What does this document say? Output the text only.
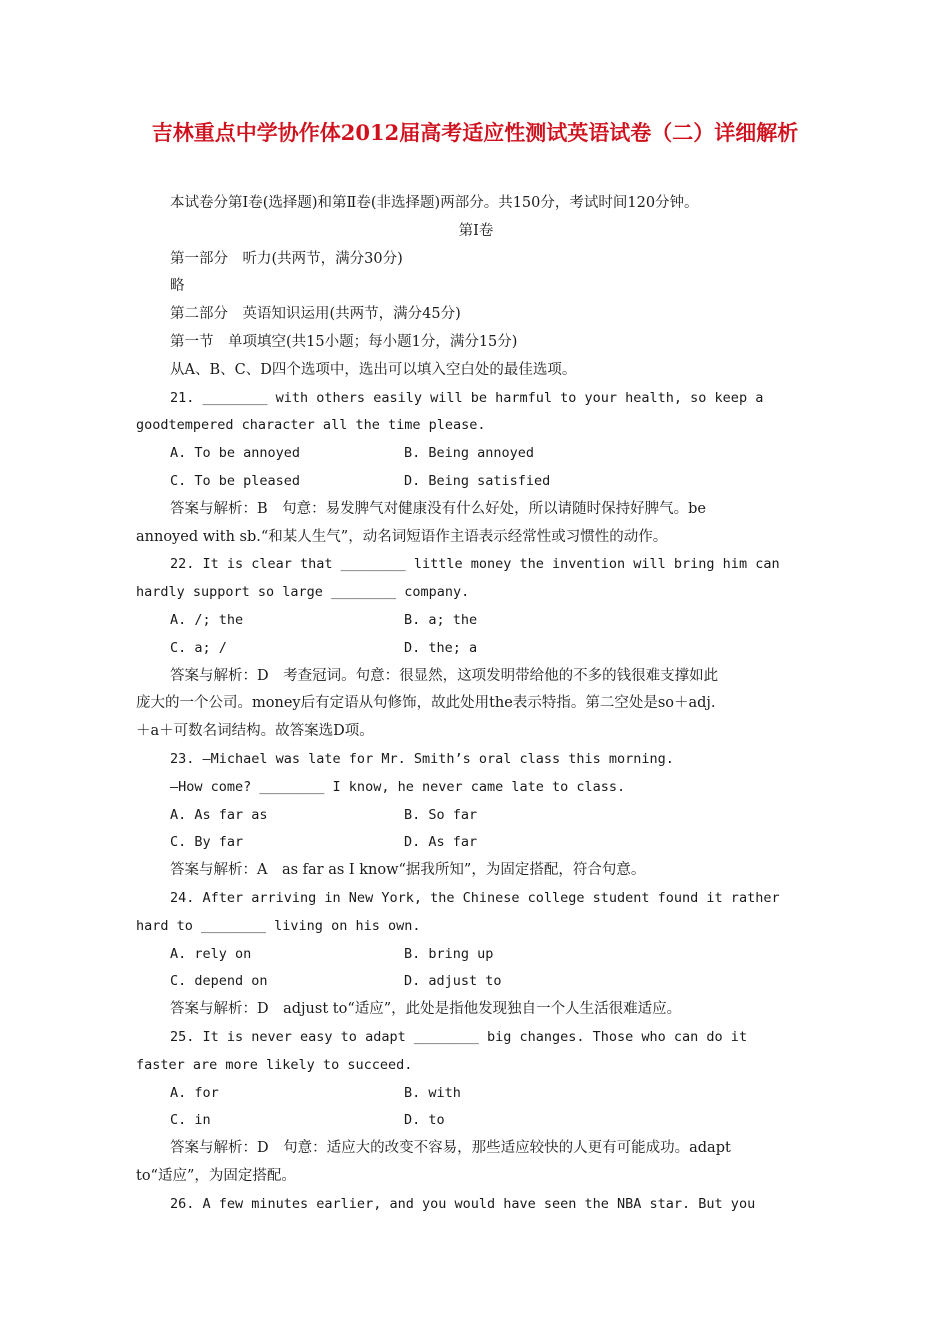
吉林重点中学协作体2012届高考适应性测试英语试卷（二）详细解析
本试卷分第Ⅰ卷(选择题)和第Ⅱ卷(非选择题)两部分。共150分，考试时间120分钟。
第Ⅰ卷
第一部分　听力(共两节，满分30分)
略
第二部分　英语知识运用(共两节，满分45分)
第一节　单项填空(共15小题；每小题1分，满分15分)
从A、B、C、D四个选项中，选出可以填入空白处的最佳选项。
21. ________ with others easily will be harmful to your health, so keep a
goodtempered character all the time please.
A. To be annoyed	B. Being annoyed
C. To be pleased	D. Being satisfied
答案与解析：B　句意：易发脾气对健康没有什么好处，所以请随时保持好脾气。be
annoyed with sb.“和某人生气”，动名词短语作主语表示经常性或习惯性的动作。
22. It is clear that ________ little money the invention will bring him can
hardly support so large ________ company.
A. /; the	B. a; the
C. a; /	D. the; a
答案与解析：D　考查冠词。句意：很显然，这项发明带给他的不多的钱很难支撑如此
庞大的一个公司。money后有定语从句修饰，故此处用the表示特指。第二空处是so＋adj.
＋a＋可数名词结构。故答案选D项。
23. —Michael was late for Mr. Smith’s oral class this morning.
—How come? ________ I know, he never came late to class.
A. As far as	B. So far
C. By far	D. As far
答案与解析：A　as far as I know“据我所知”，为固定搭配，符合句意。
24. After arriving in New York, the Chinese college student found it rather
hard to ________ living on his own.
A. rely on	B. bring up
C. depend on	D. adjust to
答案与解析：D　adjust to“适应”，此处是指他发现独自一个人生活很难适应。
25. It is never easy to adapt ________ big changes. Those who can do it
faster are more likely to succeed.
A. for	B. with
C. in	D. to
答案与解析：D　句意：适应大的改变不容易，那些适应较快的人更有可能成功。adapt
to“适应”，为固定搭配。
26. A few minutes earlier, and you would have seen the NBA star. But you
